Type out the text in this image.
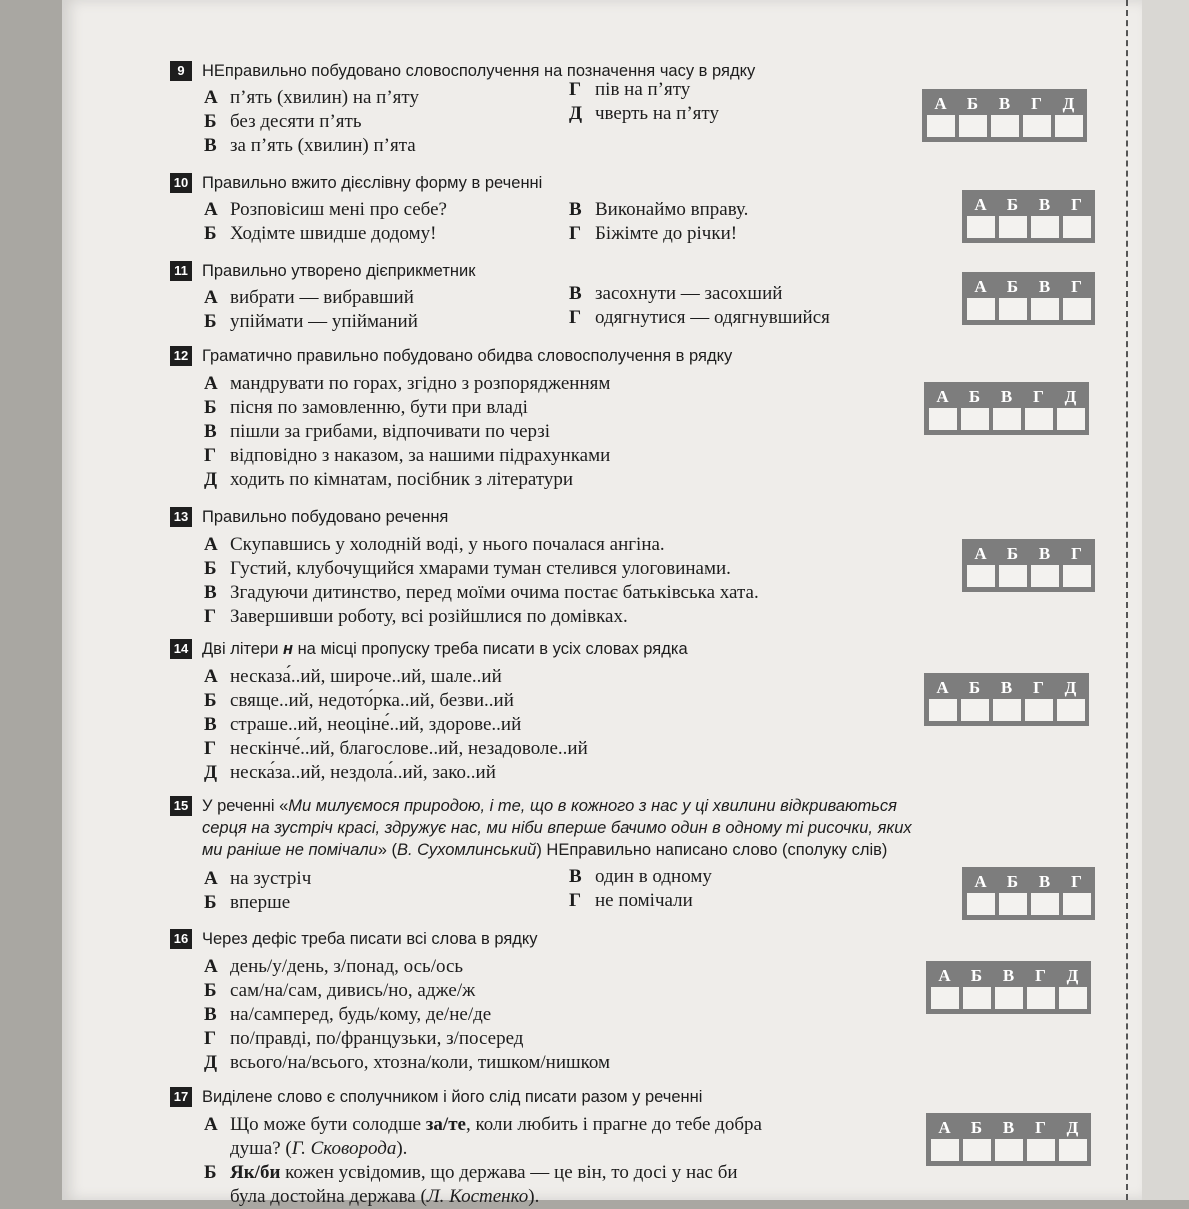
9	НЕправильно побудовано словосполучення на позначення часу в рядку
А п’ять (хвилин) на п’яту
Б без десяти п’ять
В за п’ять (хвилин) п’ята
Г пів на п’яту
Д чверть на п’яту	А Б В Г Д
10 Правильно вжито дієслівну форму в реченні
А Розповісиш мені про себе?
Б Ходімте швидше додому!
В Виконаймо вправу.
Г Біжімте до річки!
А Б В Г
11 Правильно утворено дієприкметник
А вибрати — вибравший
Б упіймати — упійманий
В засохнути — засохший
Г одягнутися — одягнувшийся
А Б В Г
12 Граматично правильно побудовано обидва словосполучення в рядку
А мандрувати по горах, згідно з розпорядженням
Б пісня по замовленню, бути при владі
В пішли за грибами, відпочивати по черзі
Г відповідно з наказом, за нашими підрахунками
Д ходить по кімнатам, посібник з літератури
А Б В Г Д
13 Правильно побудовано речення
А Скупавшись у холодній воді, у нього почалася ангіна.
Б Густий, клубочущийся хмарами туман стелився улоговинами.
В Згадуючи дитинство, перед моїми очима постає батьківська хата.
Г Завершивши роботу, всі розійшлися по домівках.
А Б В Г
14 Дві літери н на місці пропуску треба писати в усіх словах рядка
А несказа́..ий, широче..ий, шале..ий
Б свяще..ий, недото́рка..ий, безви..ий
В страше..ий, неоціне́..ий, здорове..ий
Г нескінче́..ий, благослове..ий, незадоволе..ий
Д неска́за..ий, нездола́..ий, зако..ий
А Б В Г Д
15 У реченні «Ми милуємося природою, і те, що в кожного з нас у ці хвилини відкриваються серця на зустріч красі, здружує нас, ми ніби вперше бачимо один в одному ті рисочки, яких ми раніше не помічали» (В. Сухомлинський) НЕправильно написано слово (сполуку слів)
А на зустріч
Б вперше
В один в одному
Г не помічали
А Б В Г
16 Через дефіс треба писати всі слова в рядку
А день/у/день, з/понад, ось/ось
Б сам/на/сам, дивись/но, адже/ж
В на/самперед, будь/кому, де/не/де
Г по/правді, по/французьки, з/посеред
Д всього/на/всього, хтозна/коли, тишком/нишком
А Б В Г Д
17 Виділене слово є сполучником і його слід писати разом у реченні
А Що може бути солодше за/те, коли любить і прагне до тебе добра
душа? (Г. Сковорода).
Б Як/би кожен усвідомив, що держава — це він, то досі у нас би
була достойна держава (Л. Костенко).
А Б В Г Д
